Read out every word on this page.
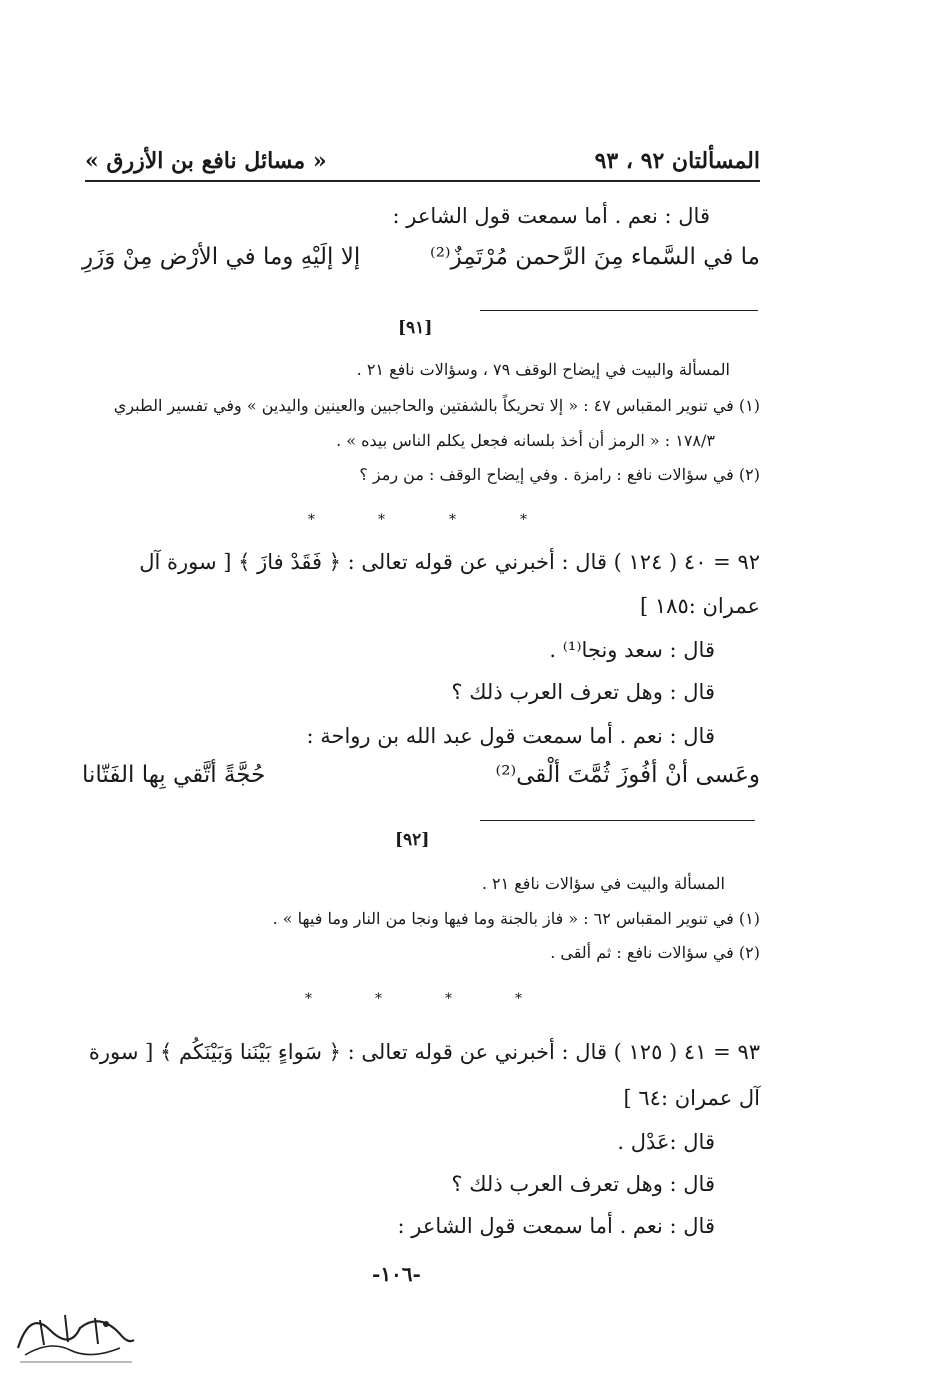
المسألتان ٩٢ ، ٩٣
« مسائل نافع بن الأزرق »
قال : نعم . أما سمعت قول الشاعر :
ما في السَّماء مِنَ الرَّحمن مُرْتَمِزٌ⁽²⁾
إلا إلَيْهِ وما في الأرْض مِنْ وَزَرِ
[٩١]
المسألة والبيت في إيضاح الوقف ٧٩ ، وسؤالات نافع ٢١ .
(١) في تنوير المقباس ٤٧ : « إلا تحريكاً بالشفتين والحاجبين والعينين واليدين » وفي تفسير الطبري
١٧٨/٣ : « الرمز أن أخذ بلسانه فجعل يكلم الناس بيده » .
(٢) في سؤالات نافع : رامزة . وفي إيضاح الوقف : من رمز ؟
*	*	*	*
٩٢ = ٤٠ ( ١٢٤ ) قال : أخبرني عن قوله تعالى : ﴿ فَقَدْ فازَ ﴾ [ سورة آل
عمران :١٨٥ ]
قال : سعد ونجا⁽¹⁾ .
قال : وهل تعرف العرب ذلك ؟
قال : نعم . أما سمعت قول عبد الله بن رواحة :
وعَسى أنْ أفُوزَ ثُمَّتَ ألْقى⁽²⁾
حُجَّةً أتَّقي بِها الفَتّانا
[٩٢]
المسألة والبيت في سؤالات نافع ٢١ .
(١) في تنوير المقباس ٦٢ : « فاز بالجنة وما فيها ونجا من النار وما فيها » .
(٢) في سؤالات نافع : ثم ألقى .
*	*	*	*
٩٣ = ٤١ ( ١٢٥ ) قال : أخبرني عن قوله تعالى : ﴿ سَواءٍ بَيْنَنا وَبَيْنَكُم ﴾ [ سورة
آل عمران :٦٤ ]
قال :عَدْل .
قال : وهل تعرف العرب ذلك ؟
قال : نعم . أما سمعت قول الشاعر :
-١٠٦-
